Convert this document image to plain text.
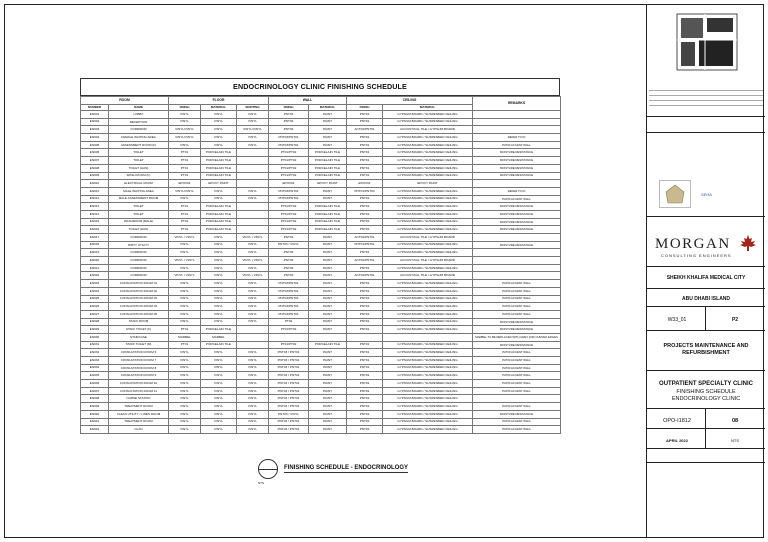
ENDOCRINOLOGY CLINIC FINISHING SCHEDULE
ROOM		FLOOR			WALL		CEILING		REMARKS
NUMBER	NAME	FINISH	MATERIAL	SKIRTING	FINISH	MATERIAL	FINISH	MATERIAL	
EN001	LOBBY	VINYL	VINYL	VINYL	PNT03	PAINT	PNT01	GYPSUM BOARD / SUSPENDED CEILING	
EN002	RECEPTION	VINYL	VINYL	VINYL	PNT03	PAINT	PNT01	GYPSUM BOARD / SUSPENDED CEILING	
EN003	CORRIDOR	VINYL/VINYL	VINYL	VINYL/VINYL	PNT03	PAINT	ACT02/PNT01	ACOUSTICAL TILE / GYPSUM BOARD	
EN004	FEMALE WAITING AREA	VINYL/VINYL	VINYL	VINYL	PNT03/PNT01	PAINT	PNT01	GYPSUM BOARD / SUSPENDED CEILING	REFER TO ID
EN005	ASSESSMENT ROOM (F)	VINYL	VINYL	VINYL	PNT03/PNT01	PAINT	PNT01	GYPSUM BOARD / SUSPENDED CEILING	PAT03 ACCENT WALL
EN006	TOILET	PT01	PORCELAIN TILE		PT01/PT02	PORCELAIN TILE	PNT01	GYPSUM BOARD / SUSPENDED CEILING	MOISTURE RESISTANCE
EN007	TOILET	PT01	PORCELAIN TILE		PT01/PT02	PORCELAIN TILE	PNT01	GYPSUM BOARD / SUSPENDED CEILING	MOISTURE RESISTANCE
EN008	TOILET (HAN)	PT01	PORCELAIN TILE		PT01/PT02	PORCELAIN TILE	PNT01	GYPSUM BOARD / SUSPENDED CEILING	MOISTURE RESISTANCE
EN009	WASH ROOM (F)	PT01	PORCELAIN TILE		PT01/PT02	PORCELAIN TILE	PNT01	GYPSUM BOARD / SUSPENDED CEILING	MOISTURE RESISTANCE
EN010	ELECTRICAL ROOM	EPOX01	EPOXY PAINT		EPOX01	EPOXY PAINT	EPOX01	EPOXY PAINT	
EN011	MALE WAITING AREA	VINYL/VINYL	VINYL	VINYL	PNT03/PNT01	PAINT	PNT01/PNT03	GYPSUM BOARD / SUSPENDED CEILING	REFER TO ID
EN012	MALE ASSESSMENT ROOM	VINYL	VINYL	VINYL	PNT03/PNT01	PAINT	PNT01	GYPSUM BOARD / SUSPENDED CEILING	PAT03 ACCENT WALL
EN013	TOILET	PT01	PORCELAIN TILE		PT01/PT02	PORCELAIN TILE	PNT01	GYPSUM BOARD / SUSPENDED CEILING	MOISTURE RESISTANCE
EN014	TOILET	PT01	PORCELAIN TILE		PT01/PT02	PORCELAIN TILE	PNT01	GYPSUM BOARD / SUSPENDED CEILING	MOISTURE RESISTANCE
EN015	WASHROOM (MALE)	PT01	PORCELAIN TILE		PT01/PT02	PORCELAIN TILE	PNT01	GYPSUM BOARD / SUSPENDED CEILING	MOISTURE RESISTANCE
EN016	TOILET (HAN)	PT01	PORCELAIN TILE		PT01/PT02	PORCELAIN TILE	PNT01	GYPSUM BOARD / SUSPENDED CEILING	MOISTURE RESISTANCE
EN017	CORRIDOR	VINYL / VINYL	VINYL	VINYL / VINYL	PNT03	PAINT	ACT02/PNT01	ACOUSTICAL TILE / GYPSUM BOARD	
EN018	DIRTY UTILITY	VINYL	VINYL	VINYL	PNT03 / VINYL	PAINT	PNT01/PNT01	GYPSUM BOARD / SUSPENDED CEILING	MOISTURE RESISTANCE
EN019	CORRIDOR	VINYL	VINYL	VINYL	PNT03	PAINT	PNT01	GYPSUM BOARD / SUSPENDED CEILING	
EN020	CORRIDOR	VINYL / VINYL	VINYL	VINYL / VINYL	PNT03	PAINT	ACT02/PNT01	ACOUSTICAL TILE / GYPSUM BOARD	
EN021	CORRIDOR	VINYL	VINYL	VINYL	PNT03	PAINT	PNT01	GYPSUM BOARD / SUSPENDED CEILING	
EN022	CORRIDOR	VINYL / VINYL	VINYL	VINYL / VINYL	PNT03	PAINT	ACT02/PNT01	ACOUSTICAL TILE / GYPSUM BOARD	
EN023	CONSULTATION ROOM 01	VINYL	VINYL	VINYL	PNT03/PNT01	PAINT	PNT01	GYPSUM BOARD / SUSPENDED CEILING	PAT03 ACCENT WALL
EN024	CONSULTATION ROOM 02	VINYL	VINYL	VINYL	PNT03/PNT01	PAINT	PNT01	GYPSUM BOARD / SUSPENDED CEILING	PAT03 ACCENT WALL
EN025	CONSULTATION ROOM 03	VINYL	VINYL	VINYL	PNT03/PNT01	PAINT	PNT01	GYPSUM BOARD / SUSPENDED CEILING	PAT03 ACCENT WALL
EN026	CONSULTATION ROOM 04	VINYL	VINYL	VINYL	PNT03/PNT01	PAINT	PNT01	GYPSUM BOARD / SUSPENDED CEILING	PAT03 ACCENT WALL
EN027	CONSULTATION ROOM 05	VINYL	VINYL	VINYL	PNT03/PNT01	PAINT	PNT01	GYPSUM BOARD / SUSPENDED CEILING	PAT03 ACCENT WALL
EN028	STAFF ROOM	VINYL	VINYL	VINYL	PT02	PAINT	PNT01	GYPSUM BOARD / SUSPENDED CEILING	MOISTURE RESISTANCE
EN029	STAFF TOILET (F)	PT01	PORCELAIN TILE		PT01/PT02	PAINT	PNT01	GYPSUM BOARD / SUSPENDED CEILING	MOISTURE RESISTANCE
EN030	STAIRCASE	MARBEL	MARBEL						MARBEL TO BE REPLACED WITH GREY AND CURVED EDGES
EN031	STAFF TOILET (M)	PT01	PORCELAIN TILE		PT01/PT02	PORCELAIN TILE	PNT01	GYPSUM BOARD / SUSPENDED CEILING	MOISTURE RESISTANCE
EN032	CONSULTATION ROOM 6	VINYL	VINYL	VINYL	PNT03 / PNT01	PAINT	PNT01	GYPSUM BOARD / SUSPENDED CEILING	PAT03 ACCENT WALL
EN033	CONSULTATION ROOM 7	VINYL	VINYL	VINYL	PNT03 / PNT01	PAINT	PNT01	GYPSUM BOARD / SUSPENDED CEILING	PAT03 ACCENT WALL
EN034	CONSULTATION ROOM 8	VINYL	VINYL	VINYL	PNT03 / PNT01	PAINT	PNT01	GYPSUM BOARD / SUSPENDED CEILING	PAT03 ACCENT WALL
EN035	CONSULTATION ROOM 9	VINYL	VINYL	VINYL	PNT03 / PNT01	PAINT	PNT01	GYPSUM BOARD / SUSPENDED CEILING	PAT03 ACCENT WALL
EN036	CONSULTATION ROOM 10	VINYL	VINYL	VINYL	PNT03 / PNT01	PAINT	PNT01	GYPSUM BOARD / SUSPENDED CEILING	PAT03 ACCENT WALL
EN037	CONSULTATION ROOM 11	VINYL	VINYL	VINYL	PNT03 / PNT01	PAINT	PNT01	GYPSUM BOARD / SUSPENDED CEILING	PAT03 ACCENT WALL
EN038	NURSE STATION	VINYL	VINYL	VINYL	PNT03 / PNT01	PAINT	PNT01	GYPSUM BOARD / SUSPENDED CEILING	
EN039	TREATMENT ROOM	VINYL	VINYL	VINYL	PNT03 / PNT01	PAINT	PNT01	GYPSUM BOARD / SUSPENDED CEILING	PAT03 ACCENT WALL
EN040	CLEAN UTILITY / LINEN ROOM	VINYL	VINYL	VINYL	PNT03 / VINYL	PAINT	PNT01	GYPSUM BOARD / SUSPENDED CEILING	MOISTURE RESISTANCE
EN041	TREATMENT ROOM	VINYL	VINYL	VINYL	PNT03 / PNT01	PAINT	PNT01	GYPSUM BOARD / SUSPENDED CEILING	PAT03 ACCENT WALL
EN042	CLAN	VINYL	VINYL	VINYL	PNT03 / PNT01	PAINT	PNT01	GYPSUM BOARD / SUSPENDED CEILING	PAT03 ACCENT WALL
FINISHING SCHEDULE - ENDOCRINOLOGY
NTS
SEHA
MORGAN
CONSULTING ENGINEERS
SHEIKH KHALIFA MEDICAL CITY
ABU DHABI ISLAND
W33_01	P2
PROJECTS MAINTENANCE AND REFURBISHMENT
OUTPATIENT SPECIALTY CLINIC
FINISHING SCHEDULE
ENDOCRINOLOGY CLINIC
OPO-I1812	08
APRIL 2022	NTS
